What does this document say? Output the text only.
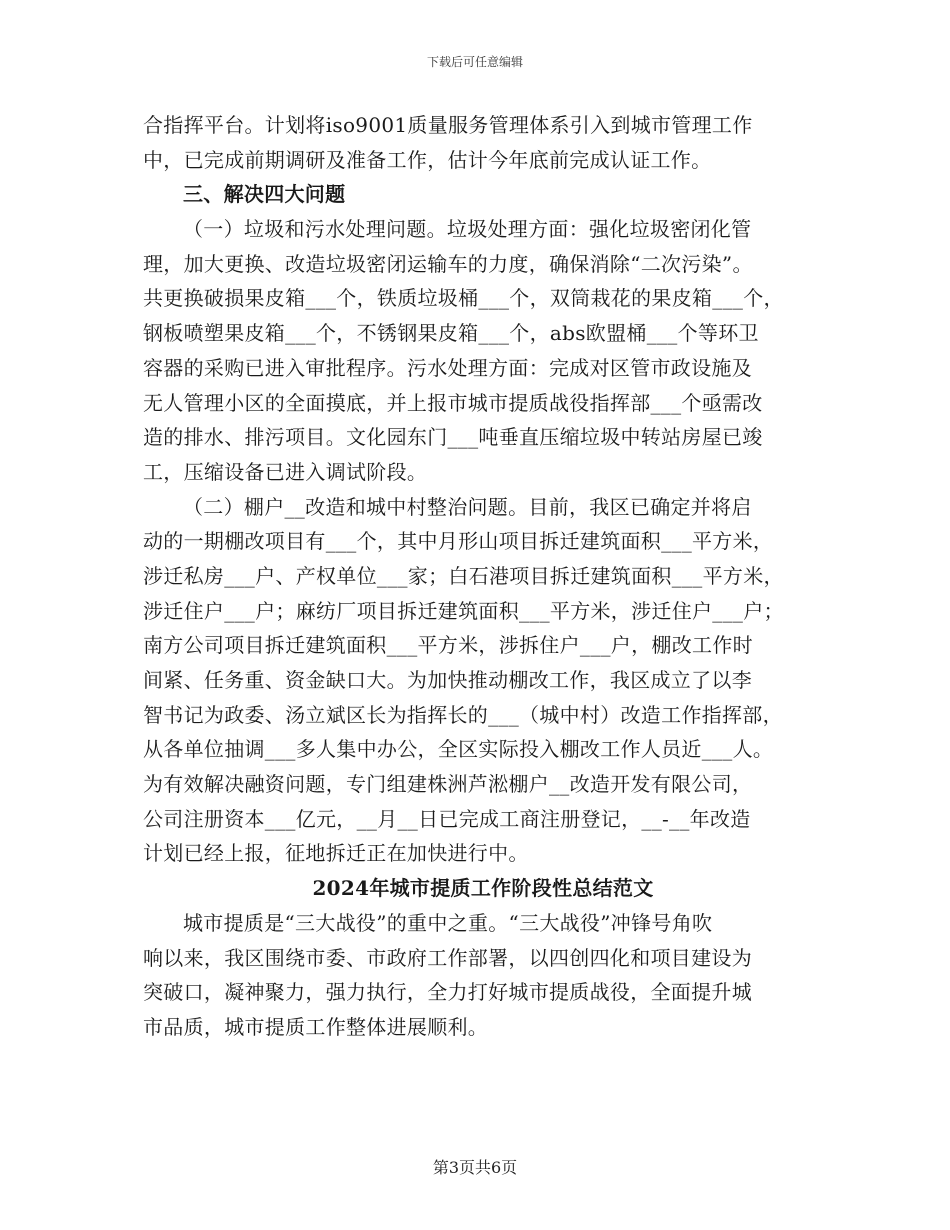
下载后可任意编辑
合指挥平台。计划将iso9001质量服务管理体系引入到城市管理工作
中，已完成前期调研及准备工作，估计今年底前完成认证工作。
三、解决四大问题
（一）垃圾和污水处理问题。垃圾处理方面：强化垃圾密闭化管
理，加大更换、改造垃圾密闭运输车的力度，确保消除“二次污染”。
共更换破损果皮箱___个，铁质垃圾桶___个，双筒栽花的果皮箱___个，
钢板喷塑果皮箱___个，不锈钢果皮箱___个，abs欧盟桶___个等环卫
容器的采购已进入审批程序。污水处理方面：完成对区管市政设施及
无人管理小区的全面摸底，并上报市城市提质战役指挥部___个亟需改
造的排水、排污项目。文化园东门___吨垂直压缩垃圾中转站房屋已竣
工，压缩设备已进入调试阶段。
（二）棚户__改造和城中村整治问题。目前，我区已确定并将启
动的一期棚改项目有___个，其中月形山项目拆迁建筑面积___平方米，
涉迁私房___户、产权单位___家；白石港项目拆迁建筑面积___平方米，
涉迁住户___户；麻纺厂项目拆迁建筑面积___平方米，涉迁住户___户；
南方公司项目拆迁建筑面积___平方米，涉拆住户___户，棚改工作时
间紧、任务重、资金缺口大。为加快推动棚改工作，我区成立了以李
智书记为政委、汤立斌区长为指挥长的___（城中村）改造工作指挥部，
从各单位抽调___多人集中办公，全区实际投入棚改工作人员近___人。
为有效解决融资问题，专门组建株洲芦淞棚户__改造开发有限公司，
公司注册资本___亿元，__月__日已完成工商注册登记，__-__年改造
计划已经上报，征地拆迁正在加快进行中。
2024年城市提质工作阶段性总结范文
城市提质是“三大战役”的重中之重。“三大战役”冲锋号角吹
响以来，我区围绕市委、市政府工作部署，以四创四化和项目建设为
突破口，凝神聚力，强力执行，全力打好城市提质战役，全面提升城
市品质，城市提质工作整体进展顺利。
第3页共6页
